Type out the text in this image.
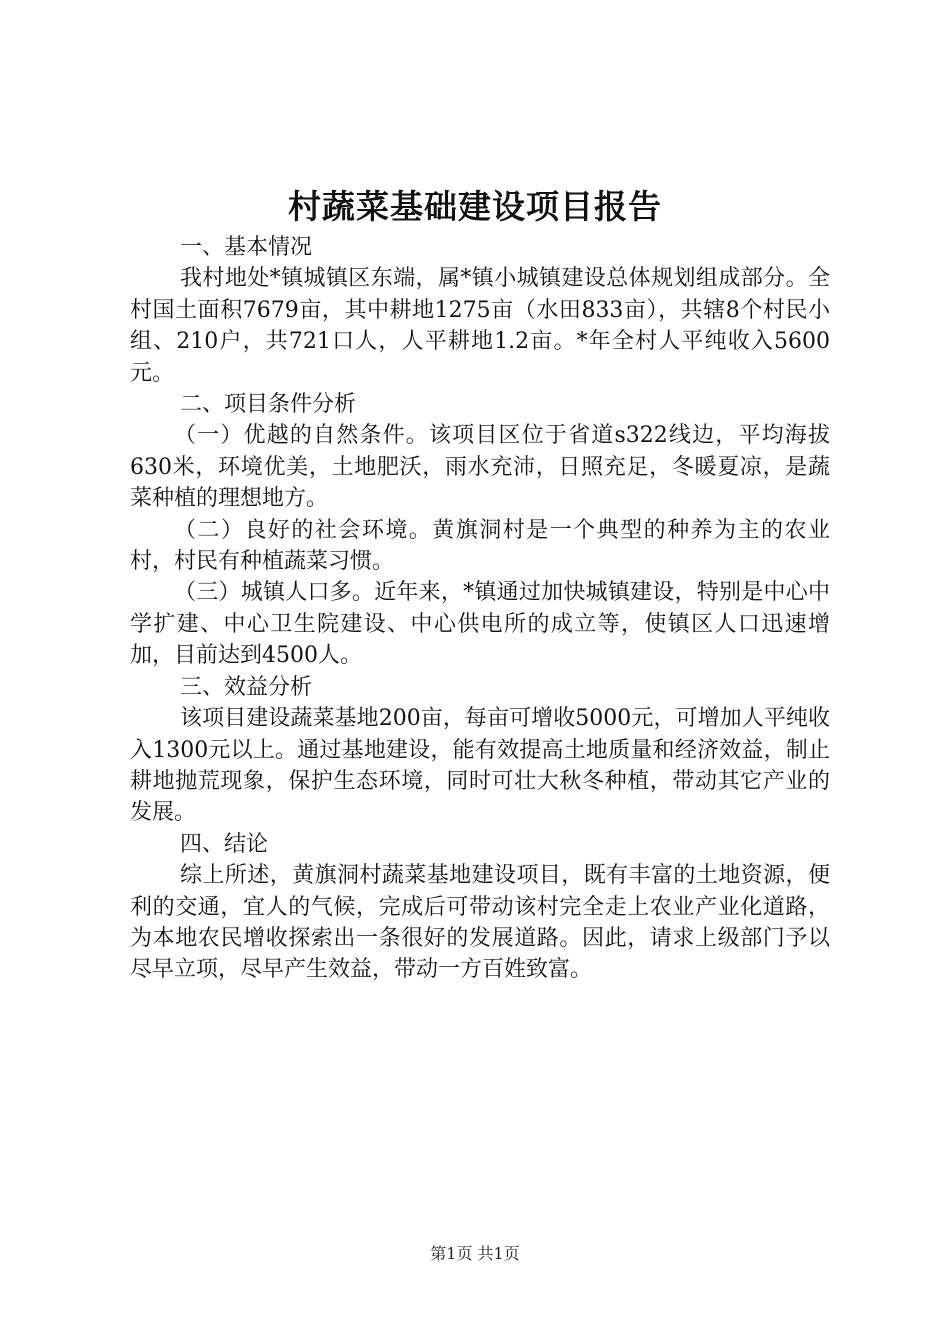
村蔬菜基础建设项目报告

一、基本情况

我村地处*镇城镇区东端，属*镇小城镇建设总体规划组成部分。全村国土面积7679亩，其中耕地1275亩（水田833亩），共辖8个村民小组、210户，共721口人，人平耕地1.2亩。*年全村人平纯收入5600元。

二、项目条件分析

（一）优越的自然条件。该项目区位于省道s322线边，平均海拔630米，环境优美，土地肥沃，雨水充沛，日照充足，冬暖夏凉，是蔬菜种植的理想地方。

（二）良好的社会环境。黄旗洞村是一个典型的种养为主的农业村，村民有种植蔬菜习惯。

（三）城镇人口多。近年来，*镇通过加快城镇建设，特别是中心中学扩建、中心卫生院建设、中心供电所的成立等，使镇区人口迅速增加，目前达到4500人。

三、效益分析

该项目建设蔬菜基地200亩，每亩可增收5000元，可增加人平纯收入1300元以上。通过基地建设，能有效提高土地质量和经济效益，制止耕地抛荒现象，保护生态环境，同时可壮大秋冬种植，带动其它产业的发展。

四、结论

综上所述，黄旗洞村蔬菜基地建设项目，既有丰富的土地资源，便利的交通，宜人的气候，完成后可带动该村完全走上农业产业化道路，为本地农民增收探索出一条很好的发展道路。因此，请求上级部门予以尽早立项，尽早产生效益，带动一方百姓致富。

第1页 共1页
